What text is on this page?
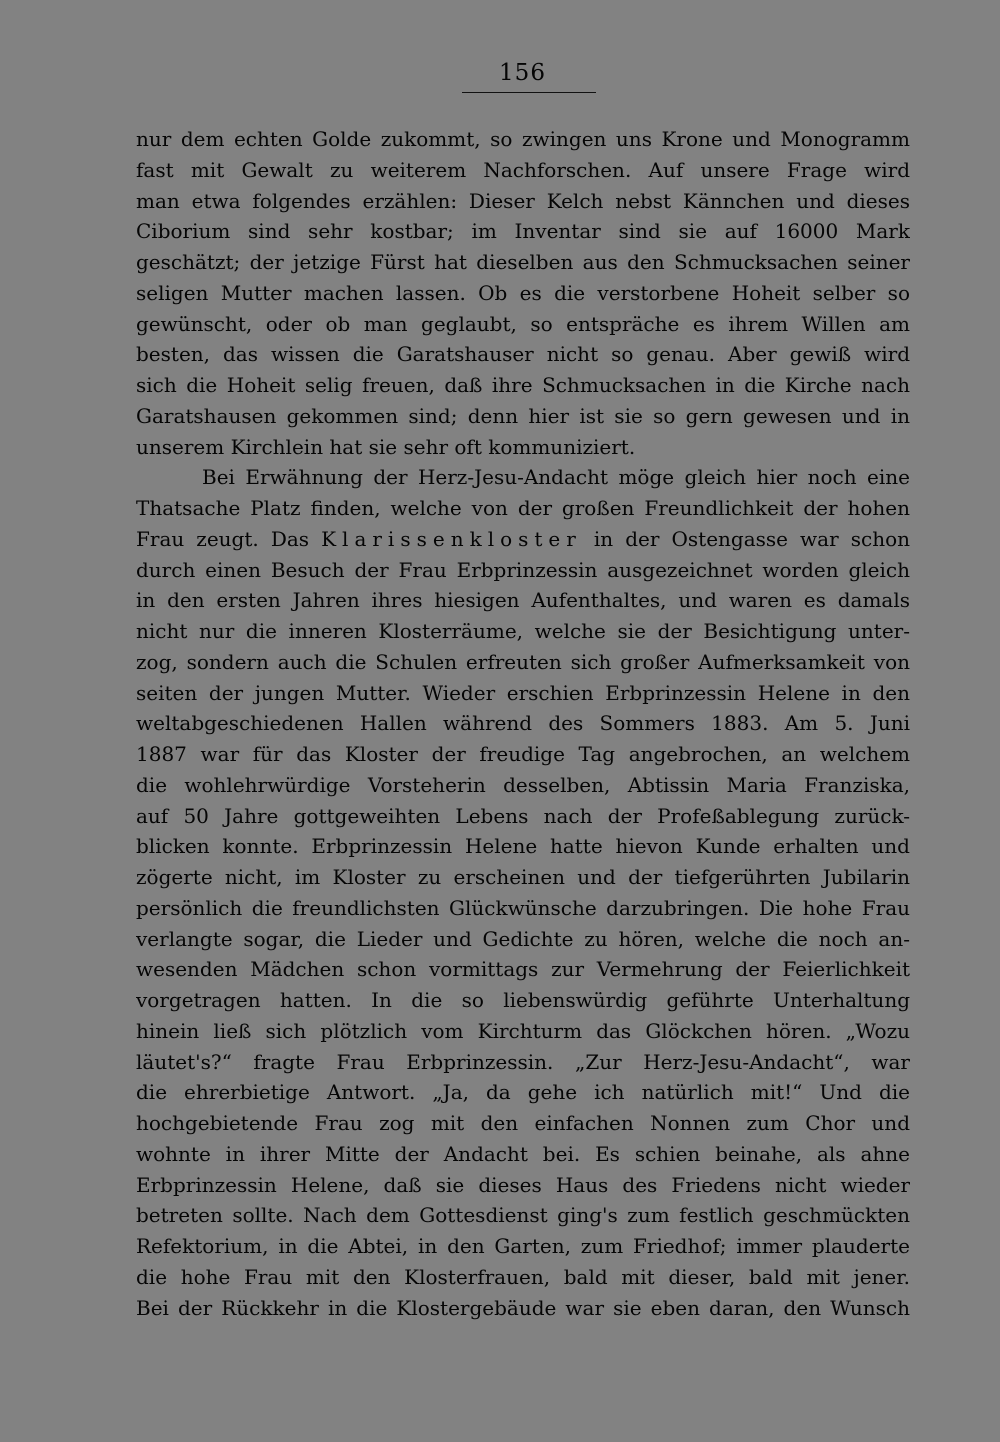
156
nur dem echten Golde zukommt, so zwingen uns Krone und Monogramm
fast mit Gewalt zu weiterem Nachforschen. Auf unsere Frage wird
man etwa folgendes erzählen: Dieser Kelch nebst Kännchen und dieses
Ciborium sind sehr kostbar; im Inventar sind sie auf 16000 Mark
geschätzt; der jetzige Fürst hat dieselben aus den Schmucksachen seiner
seligen Mutter machen lassen. Ob es die verstorbene Hoheit selber so
gewünscht, oder ob man geglaubt, so entspräche es ihrem Willen am
besten, das wissen die Garatshauser nicht so genau. Aber gewiß wird
sich die Hoheit selig freuen, daß ihre Schmucksachen in die Kirche nach
Garatshausen gekommen sind; denn hier ist sie so gern gewesen und in
unserem Kirchlein hat sie sehr oft kommuniziert.
Bei Erwähnung der Herz-Jesu-Andacht möge gleich hier noch eine
Thatsache Platz finden, welche von der großen Freundlichkeit der hohen
Frau zeugt. Das Klarissenkloster in der Ostengasse war schon
durch einen Besuch der Frau Erbprinzessin ausgezeichnet worden gleich
in den ersten Jahren ihres hiesigen Aufenthaltes, und waren es damals
nicht nur die inneren Klosterräume, welche sie der Besichtigung unter-
zog, sondern auch die Schulen erfreuten sich großer Aufmerksamkeit von
seiten der jungen Mutter. Wieder erschien Erbprinzessin Helene in den
weltabgeschiedenen Hallen während des Sommers 1883. Am 5. Juni
1887 war für das Kloster der freudige Tag angebrochen, an welchem
die wohlehrwürdige Vorsteherin desselben, Abtissin Maria Franziska,
auf 50 Jahre gottgeweihten Lebens nach der Profeßablegung zurück-
blicken konnte. Erbprinzessin Helene hatte hievon Kunde erhalten und
zögerte nicht, im Kloster zu erscheinen und der tiefgerührten Jubilarin
persönlich die freundlichsten Glückwünsche darzubringen. Die hohe Frau
verlangte sogar, die Lieder und Gedichte zu hören, welche die noch an-
wesenden Mädchen schon vormittags zur Vermehrung der Feierlichkeit
vorgetragen hatten. In die so liebenswürdig geführte Unterhaltung
hinein ließ sich plötzlich vom Kirchturm das Glöckchen hören. „Wozu
läutet's?“ fragte Frau Erbprinzessin. „Zur Herz-Jesu-Andacht“, war
die ehrerbietige Antwort. „Ja, da gehe ich natürlich mit!“ Und die
hochgebietende Frau zog mit den einfachen Nonnen zum Chor und
wohnte in ihrer Mitte der Andacht bei. Es schien beinahe, als ahne
Erbprinzessin Helene, daß sie dieses Haus des Friedens nicht wieder
betreten sollte. Nach dem Gottesdienst ging's zum festlich geschmückten
Refektorium, in die Abtei, in den Garten, zum Friedhof; immer plauderte
die hohe Frau mit den Klosterfrauen, bald mit dieser, bald mit jener.
Bei der Rückkehr in die Klostergebäude war sie eben daran, den Wunsch
